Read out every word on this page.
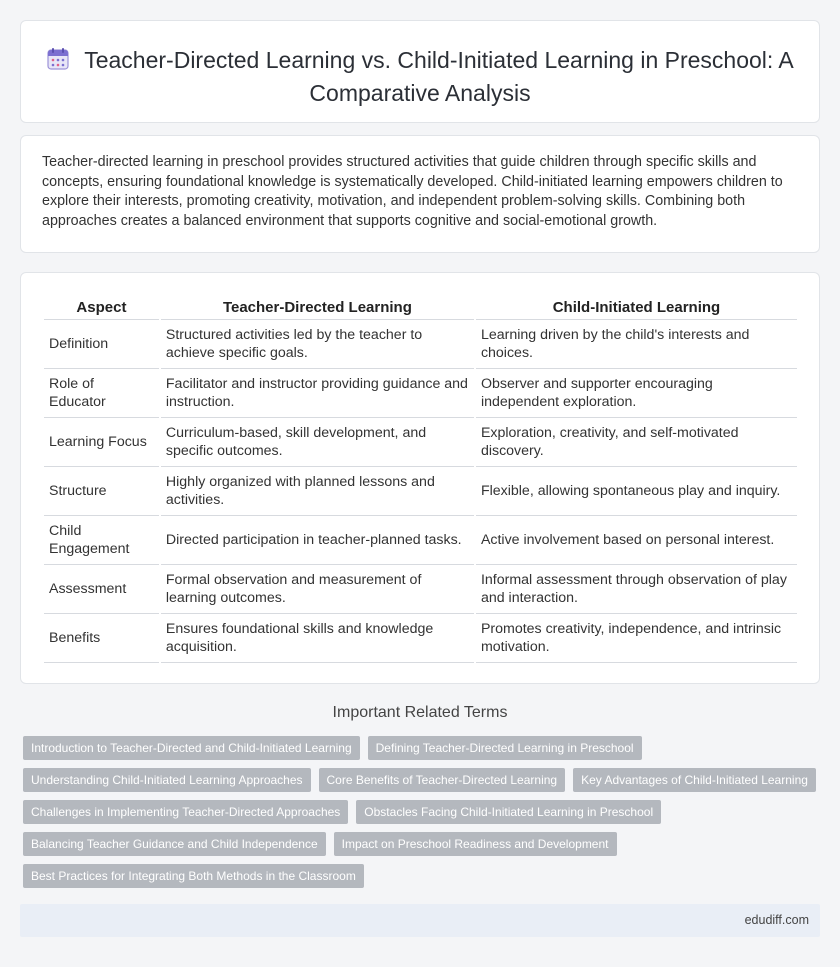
Teacher-Directed Learning vs. Child-Initiated Learning in Preschool: A Comparative Analysis

Teacher-directed learning in preschool provides structured activities that guide children through specific skills and concepts, ensuring foundational knowledge is systematically developed. Child-initiated learning empowers children to explore their interests, promoting creativity, motivation, and independent problem-solving skills. Combining both approaches creates a balanced environment that supports cognitive and social-emotional growth.

Aspect	Teacher-Directed Learning	Child-Initiated Learning
Definition	Structured activities led by the teacher to achieve specific goals.	Learning driven by the child's interests and choices.
Role of Educator	Facilitator and instructor providing guidance and instruction.	Observer and supporter encouraging independent exploration.
Learning Focus	Curriculum-based, skill development, and specific outcomes.	Exploration, creativity, and self-motivated discovery.
Structure	Highly organized with planned lessons and activities.	Flexible, allowing spontaneous play and inquiry.
Child Engagement	Directed participation in teacher-planned tasks.	Active involvement based on personal interest.
Assessment	Formal observation and measurement of learning outcomes.	Informal assessment through observation of play and interaction.
Benefits	Ensures foundational skills and knowledge acquisition.	Promotes creativity, independence, and intrinsic motivation.
Important Related Terms
Introduction to Teacher-Directed and Child-Initiated Learning	Defining Teacher-Directed Learning in Preschool
Understanding Child-Initiated Learning Approaches	Core Benefits of Teacher-Directed Learning	Key Advantages of Child-Initiated Learning
Challenges in Implementing Teacher-Directed Approaches	Obstacles Facing Child-Initiated Learning in Preschool
Balancing Teacher Guidance and Child Independence	Impact on Preschool Readiness and Development
Best Practices for Integrating Both Methods in the Classroom
edudiff.com
